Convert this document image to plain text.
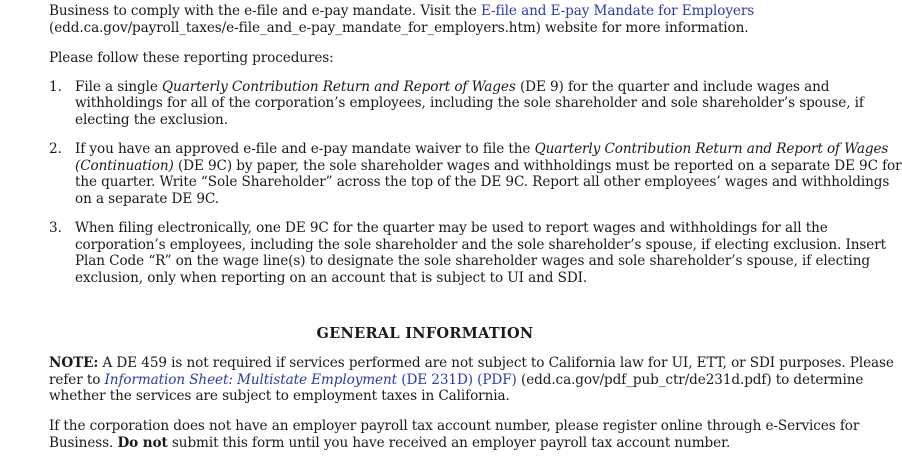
Business to comply with the e-file and e-pay mandate. Visit the E-file and E-pay Mandate for Employers
(edd.ca.gov/payroll_taxes/e-file_and_e-pay_mandate_for_employers.htm) website for more information.
Please follow these reporting procedures:
1. File a single Quarterly Contribution Return and Report of Wages (DE 9) for the quarter and include wages and
withholdings for all of the corporation’s employees, including the sole shareholder and sole shareholder’s spouse, if
electing the exclusion.
2. If you have an approved e-file and e-pay mandate waiver to file the Quarterly Contribution Return and Report of Wages
(Continuation) (DE 9C) by paper, the sole shareholder wages and withholdings must be reported on a separate DE 9C for
the quarter. Write “Sole Shareholder” across the top of the DE 9C. Report all other employees’ wages and withholdings
on a separate DE 9C.
3. When filing electronically, one DE 9C for the quarter may be used to report wages and withholdings for all the
corporation’s employees, including the sole shareholder and the sole shareholder’s spouse, if electing exclusion. Insert
Plan Code “R” on the wage line(s) to designate the sole shareholder wages and sole shareholder’s spouse, if electing
exclusion, only when reporting on an account that is subject to UI and SDI.
GENERAL INFORMATION
NOTE: A DE 459 is not required if services performed are not subject to California law for UI, ETT, or SDI purposes. Please
refer to Information Sheet: Multistate Employment (DE 231D) (PDF) (edd.ca.gov/pdf_pub_ctr/de231d.pdf) to determine
whether the services are subject to employment taxes in California.
If the corporation does not have an employer payroll tax account number, please register online through e-Services for
Business. Do not submit this form until you have received an employer payroll tax account number.
